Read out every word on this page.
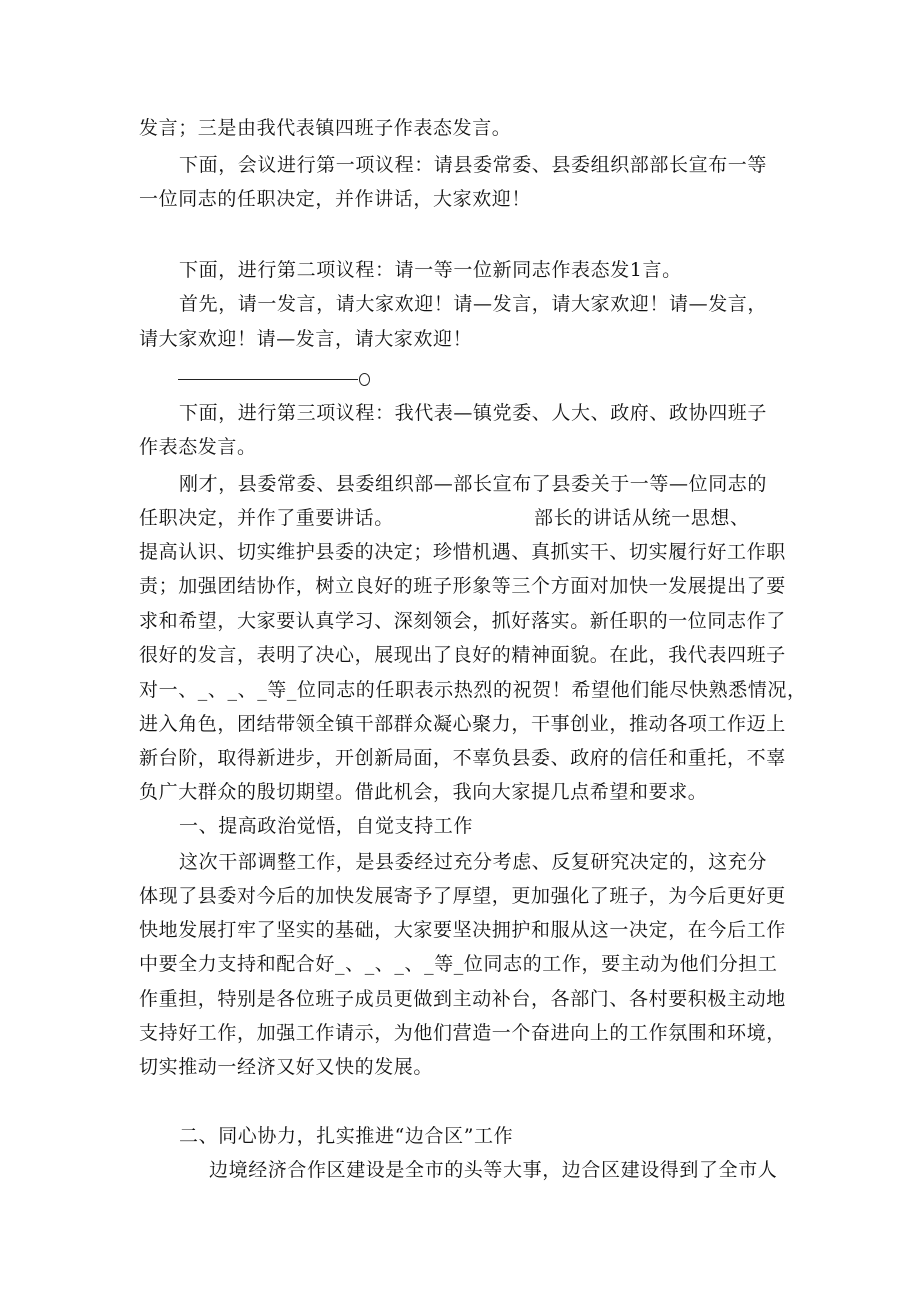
发言；三是由我代表镇四班子作表态发言。

下面，会议进行第一项议程：请县委常委、县委组织部部长宣布一等

一位同志的任职决定，并作讲话，大家欢迎！

下面，进行第二项议程：请一等一位新同志作表态发1言。

首先，请一发言，请大家欢迎！请—发言，请大家欢迎！请—发言，

请大家欢迎！请—发言，请大家欢迎！

下面，进行第三项议程：我代表—镇党委、人大、政府、政协四班子

作表态发言。

刚才，县委常委、县委组织部—部长宣布了县委关于一等—位同志的

任职决定，并作了重要讲话。	部长的讲话从统一思想、

提高认识、切实维护县委的决定；珍惜机遇、真抓实干、切实履行好工作职

责；加强团结协作，树立良好的班子形象等三个方面对加快一发展提出了要

求和希望，大家要认真学习、深刻领会，抓好落实。新任职的一位同志作了

很好的发言，表明了决心，展现出了良好的精神面貌。在此，我代表四班子

对一、_、_、_等_位同志的任职表示热烈的祝贺！希望他们能尽快熟悉情况，

进入角色，团结带领全镇干部群众凝心聚力，干事创业，推动各项工作迈上

新台阶，取得新进步，开创新局面，不辜负县委、政府的信任和重托，不辜

负广大群众的殷切期望。借此机会，我向大家提几点希望和要求。

一、提高政治觉悟，自觉支持工作

这次干部调整工作，是县委经过充分考虑、反复研究决定的，这充分

体现了县委对今后的加快发展寄予了厚望，更加强化了班子，为今后更好更

快地发展打牢了坚实的基础，大家要坚决拥护和服从这一决定，在今后工作

中要全力支持和配合好_、_、_、_等_位同志的工作，要主动为他们分担工

作重担，特别是各位班子成员更做到主动补台，各部门、各村要积极主动地

支持好工作，加强工作请示，为他们营造一个奋进向上的工作氛围和环境，

切实推动一经济又好又快的发展。

二、同心协力，扎实推进“边合区”工作

边境经济合作区建设是全市的头等大事，边合区建设得到了全市人
